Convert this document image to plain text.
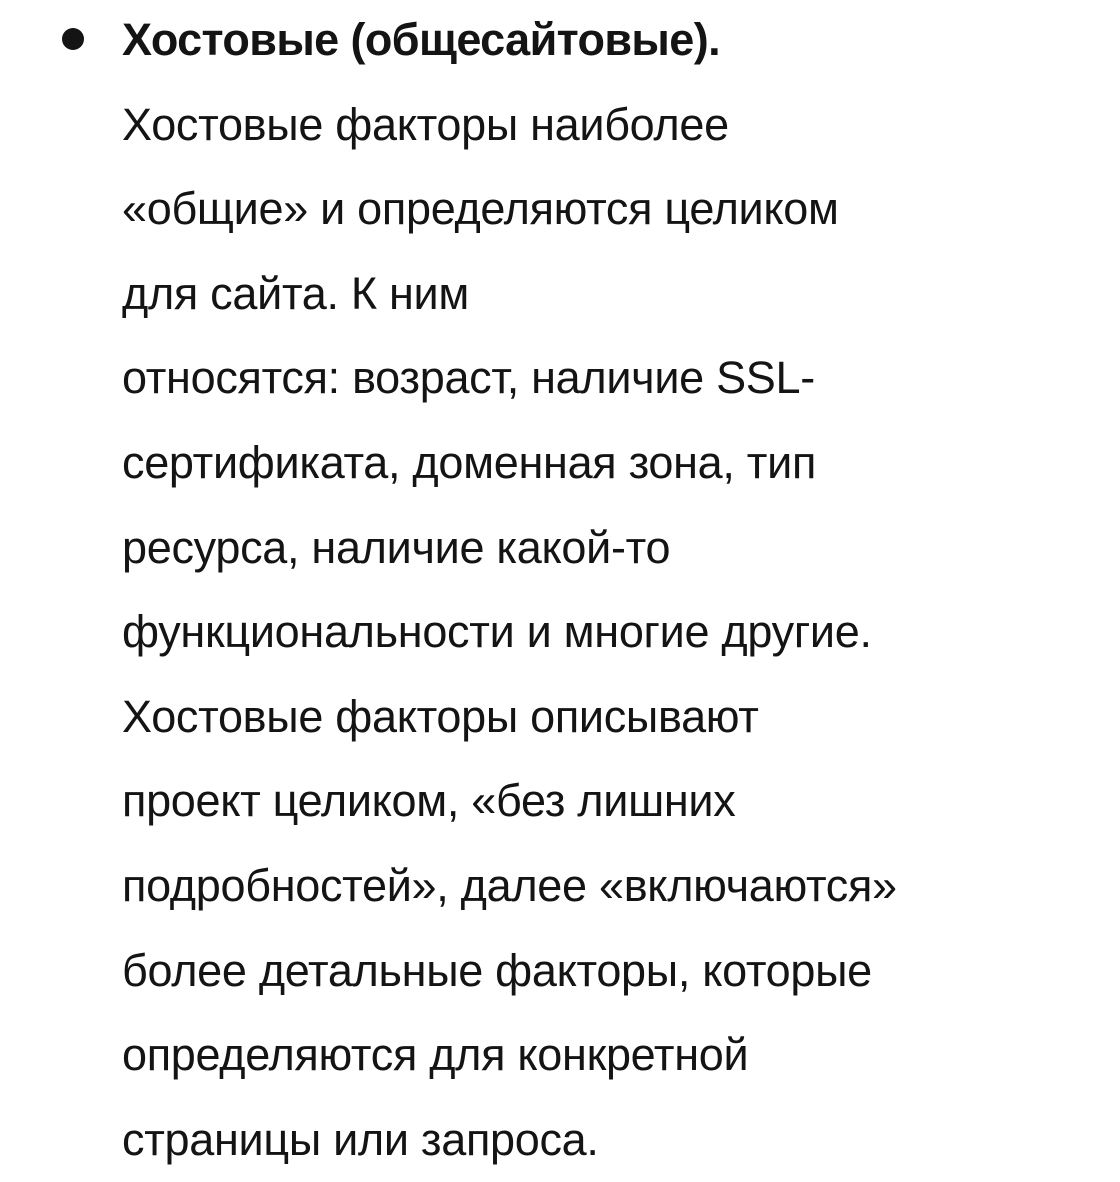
Хостовые (общесайтовые).
Хостовые факторы наиболее
«общие» и определяются целиком
для сайта. К ним
относятся: возраст, наличие SSL-
сертификата, доменная зона, тип
ресурса, наличие какой-то
функциональности и многие другие.
Хостовые факторы описывают
проект целиком, «без лишних
подробностей», далее «включаются»
более детальные факторы, которые
определяются для конкретной
страницы или запроса.
